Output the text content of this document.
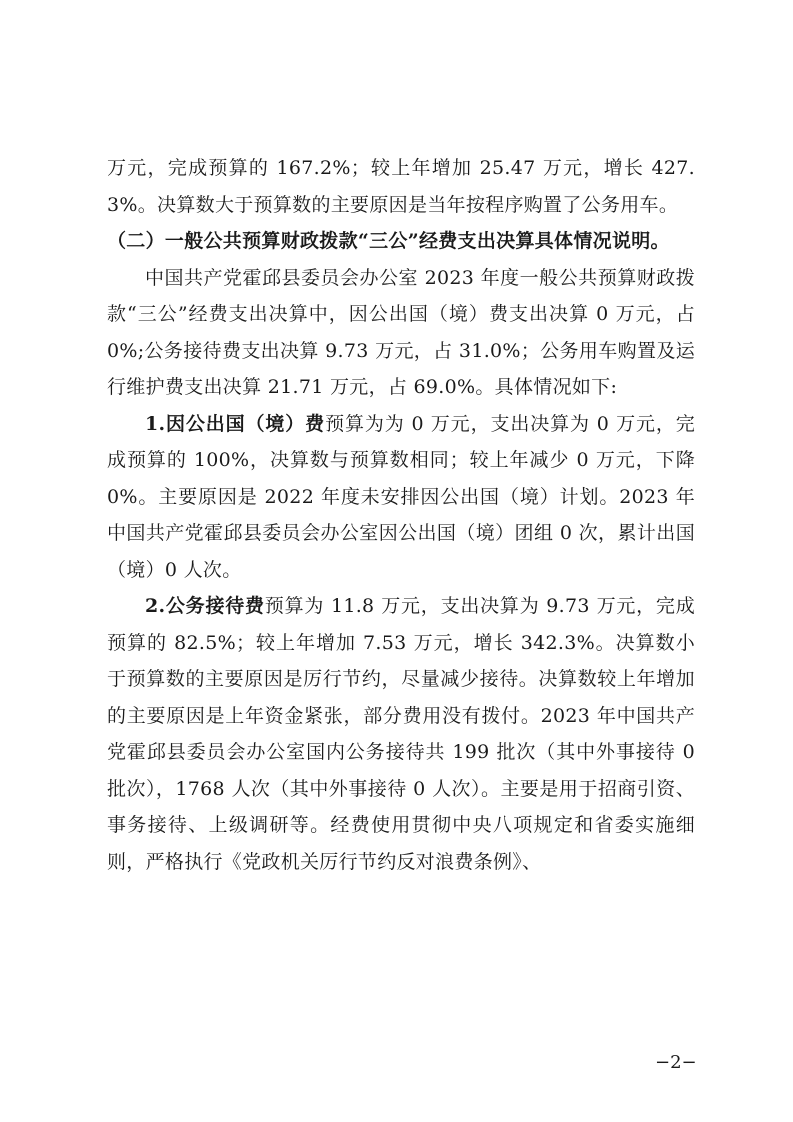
万元，完成预算的 167.2%；较上年增加 25.47 万元，增长 427.3%。决算数大于预算数的主要原因是当年按程序购置了公务用车。

（二）一般公共预算财政拨款“三公”经费支出决算具体情况说明。

中国共产党霍邱县委员会办公室 2023 年度一般公共预算财政拨款“三公”经费支出决算中，因公出国（境）费支出决算 0 万元，占 0%;公务接待费支出决算 9.73 万元，占 31.0%；公务用车购置及运行维护费支出决算 21.71 万元，占 69.0%。具体情况如下:

1.因公出国（境）费预算为为 0 万元，支出决算为 0 万元，完成预算的 100%，决算数与预算数相同；较上年减少 0 万元，下降 0%。主要原因是 2022 年度未安排因公出国（境）计划。2023 年中国共产党霍邱县委员会办公室因公出国（境）团组 0 次，累计出国（境）0 人次。

2.公务接待费预算为 11.8 万元，支出决算为 9.73 万元，完成预算的 82.5%；较上年增加 7.53 万元，增长 342.3%。决算数小于预算数的主要原因是厉行节约，尽量减少接待。决算数较上年增加的主要原因是上年资金紧张，部分费用没有拨付。2023 年中国共产党霍邱县委员会办公室国内公务接待共 199 批次（其中外事接待 0 批次），1768 人次（其中外事接待 0 人次）。主要是用于招商引资、事务接待、上级调研等。经费使用贯彻中央八项规定和省委实施细则，严格执行《党政机关厉行节约反对浪费条例》、

−2−
